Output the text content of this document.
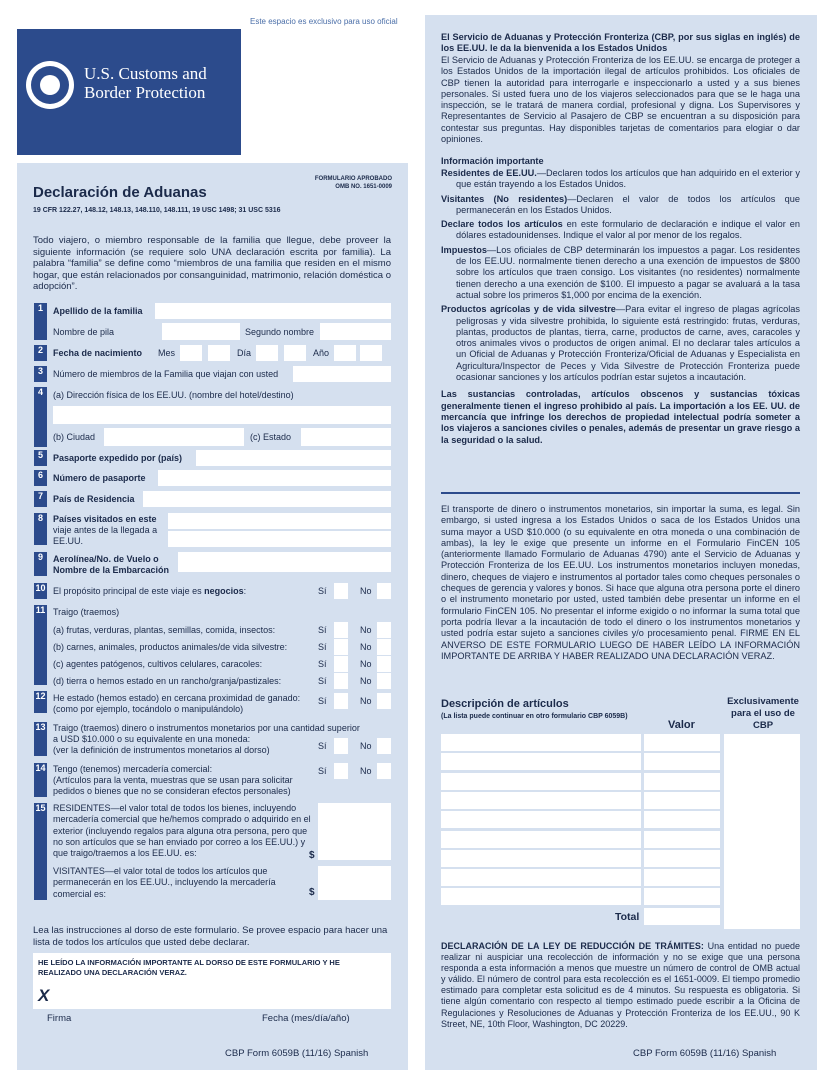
Este espacio es exclusivo para uso oficial
U.S. Customs and
Border Protection
Declaración de Aduanas
FORMULARIO APROBADO OMB NO. 1651-0009
19 CFR 122.27, 148.12, 148.13, 148.110, 148.111, 19 USC 1498; 31 USC 5316
Todo viajero, o miembro responsable de la familia que llegue, debe proveer la siguiente información (se requiere solo UNA declaración escrita por familia). La palabra “familia” se define como “miembros de una familia que residen en el mismo hogar, que están relacionados por consanguinidad, matrimonio, relación doméstica o adopción”.
1	Apellido de la familia
Nombre de pila	Segundo nombre
2	Fecha de nacimiento Mes	Día	Año
3	Número de miembros de la Familia que viajan con usted
4	(a) Dirección física de los EE.UU. (nombre del hotel/destino)
(b) Ciudad	(c) Estado
5	Pasaporte expedido por (país)
6	Número de pasaporte
7	País de Residencia
8	Países visitados en este
viaje antes de la llegada a
EE.UU.
9	Aerolínea/No. de Vuelo o
Nombre de la Embarcación
10 El propósito principal de este viaje es negocios:	Sí	No
11 Traigo (traemos)
(a) frutas, verduras, plantas, semillas, comida, insectos:	Sí	No
(b) carnes, animales, productos animales/de vida silvestre:	Sí	No
(c) agentes patógenos, cultivos celulares, caracoles:	Sí	No
(d) tierra o hemos estado en un rancho/granja/pastizales:	Sí	No
12 He estado (hemos estado) en cercana proximidad de ganado:
(como por ejemplo, tocándolo o manipulándolo)
Sí	No
13 Traigo (traemos) dinero o instrumentos monetarios por una cantidad superior
a USD $10.000 o su equivalente en una moneda:
(ver la definición de instrumentos monetarios al dorso)	Sí	No
14 Tengo (tenemos) mercadería comercial:
(Artículos para la venta, muestras que se usan para solicitar
pedidos o bienes que no se consideran efectos personales)
Sí	No
15 RESIDENTES—el valor total de todos los bienes, incluyendo mercadería comercial que he/hemos comprado o adquirido en el exterior (incluyendo regalos para alguna otra persona, pero que no son artículos que se han enviado por correo a los EE.UU.) y que traigo/traemos a los EE.UU. es:	$
VISITANTES—el valor total de todos los artículos que permanecerán en los EE.UU., incluyendo la mercadería comercial es:	$
Lea las instrucciones al dorso de este formulario. Se provee espacio para hacer una lista de todos los artículos que usted debe declarar.
HE LEÍDO LA INFORMACIÓN IMPORTANTE AL DORSO DE ESTE FORMULARIO Y HE REALIZADO UNA DECLARACIÓN VERAZ.
X
Firma	Fecha (mes/día/año)
CBP Form 6059B (11/16) Spanish
El Servicio de Aduanas y Protección Fronteriza (CBP, por sus siglas en inglés) de los EE.UU. le da la bienvenida a los Estados Unidos
El Servicio de Aduanas y Protección Fronteriza de los EE.UU. se encarga de proteger a los Estados Unidos de la importación ilegal de artículos prohibidos. Los oficiales de CBP tienen la autoridad para interrogarle e inspeccionarlo a usted y a sus bienes personales. Si usted fuera uno de los viajeros seleccionados para que se le haga una inspección, se le tratará de manera cordial, profesional y digna. Los Supervisores y Representantes de Servicio al Pasajero de CBP se encuentran a su disposición para contestar sus preguntas. Hay disponibles tarjetas de comentarios para elogiar o dar opiniones.
Información importante

Residentes de EE.UU.—Declaren todos los artículos que han adquirido en el exterior y que están trayendo a los Estados Unidos.

Visitantes (No residentes)—Declaren el valor de todos los artículos que permanecerán en los Estados Unidos.

Declare todos los artículos en este formulario de declaración e indique el valor en dólares estadounidenses. Indique el valor al por menor de los regalos.

Impuestos—Los oficiales de CBP determinarán los impuestos a pagar. Los residentes de los EE.UU. normalmente tienen derecho a una exención de impuestos de $800 sobre los artículos que traen consigo. Los visitantes (no residentes) normalmente tienen derecho a una exención de $100. El impuesto a pagar se avaluará a la tasa actual sobre los primeros $1,000 por encima de la exención.

Productos agrícolas y de vida silvestre—Para evitar el ingreso de plagas agrícolas peligrosas y vida silvestre prohibida, lo siguiente está restringido: frutas, verduras, plantas, productos de plantas, tierra, carne, productos de carne, aves, caracoles y otros animales vivos o productos de origen animal. El no declarar tales artículos a un Oficial de Aduanas y Protección Fronteriza/Oficial de Aduanas y Especialista en Agricultura/Inspector de Peces y Vida Silvestre de Protección Fronteriza puede ocasionar sanciones y los artículos podrían estar sujetos a incautación.

Las sustancias controladas, artículos obscenos y sustancias tóxicas generalmente tienen el ingreso prohibido al país. La importación a los EE. UU. de mercancía que infringe los derechos de propiedad intelectual podría someter a los viajeros a sanciones civiles o penales, además de presentar un grave riesgo a la seguridad o la salud.

El transporte de dinero o instrumentos monetarios, sin importar la suma, es legal. Sin embargo, si usted ingresa a los Estados Unidos o saca de los Estados Unidos una suma mayor a USD $10.000 (o su equivalente en otra moneda o una combinación de ambas), la ley le exige que presente un informe en el Formulario FinCEN 105 (anteriormente llamado Formulario de Aduanas 4790) ante el Servicio de Aduanas y Protección Fronteriza de los EE.UU. Los instrumentos monetarios incluyen monedas, dinero, cheques de viajero e instrumentos al portador tales como cheques personales o cheques de gerencia y valores y bonos. Si hace que alguna otra persona porte el dinero o el instrumento monetario por usted, usted también debe presentar un informe en el formulario FinCEN 105. No presentar el informe exigido o no informar la suma total que porta podría llevar a la incautación de todo el dinero o los instrumentos monetarios y usted podría estar sujeto a sanciones civiles y/o procesamiento penal. FIRME EN EL ANVERSO DE ESTE FORMULARIO LUEGO DE HABER LEÍDO LA INFORMACIÓN IMPORTANTE DE ARRIBA Y HABER REALIZADO UNA DECLARACIÓN VERAZ.
Descripción de artículos
(La lista puede continuar en otro formulario CBP 6059B)
Valor
Exclusivamente para el uso de CBP
Total
DECLARACIÓN DE LA LEY DE REDUCCIÓN DE TRÁMITES: Una entidad no puede realizar ni auspiciar una recolección de información y no se exige que una persona responda a esta información a menos que muestre un número de control de OMB actual y válido. El número de control para esta recolección es el 1651-0009. El tiempo promedio estimado para completar esta solicitud es de 4 minutos. Su respuesta es obligatoria. Si tiene algún comentario con respecto al tiempo estimado puede escribir a la Oficina de Regulaciones y Resoluciones de Aduanas y Protección Fronteriza de los EE.UU., 90 K Street, NE, 10th Floor, Washington, DC 20229.
CBP Form 6059B (11/16) Spanish
